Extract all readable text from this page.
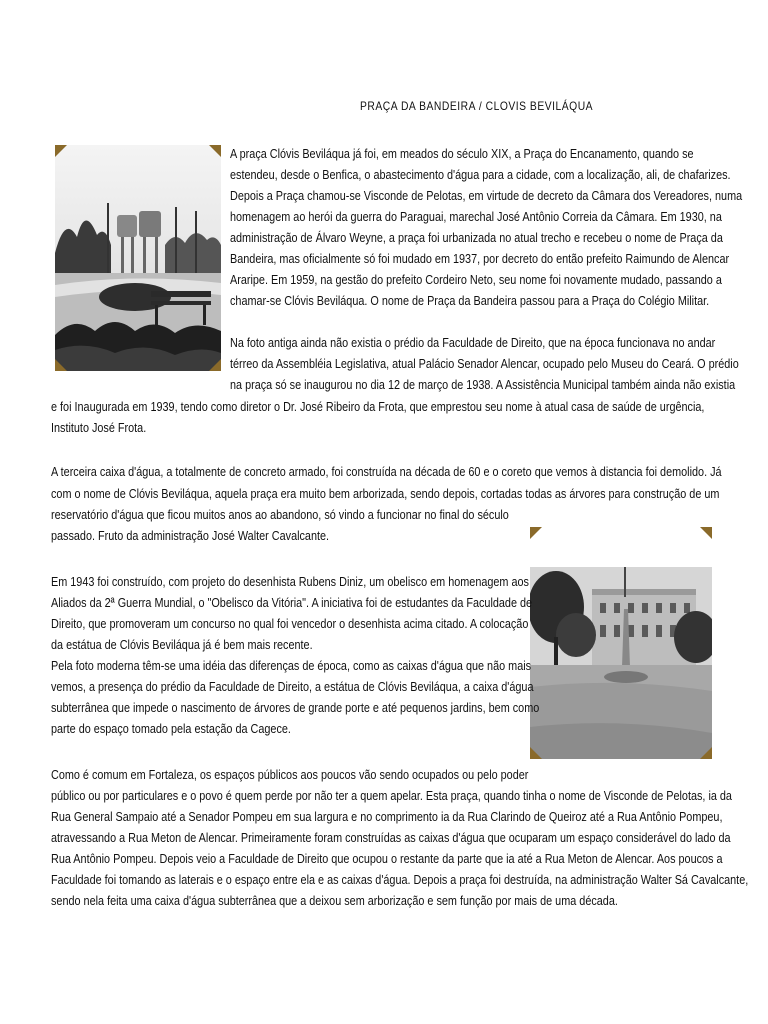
PRAÇA DA BANDEIRA / CLOVIS BEVILÁQUA
A praça Clóvis Beviláqua já foi, em meados do século XIX, a Praça do Encanamento, quando se
estendeu, desde o Benfica, o abastecimento d'água para a cidade, com a localização, ali, de chafarizes.
Depois a Praça chamou-se Visconde de Pelotas, em virtude de decreto da Câmara dos Vereadores, numa
homenagem ao herói da guerra do Paraguai, marechal José Antônio Correia da Câmara. Em 1930, na
administração de Álvaro Weyne, a praça foi urbanizada no atual trecho e recebeu o nome de Praça da
Bandeira, mas oficialmente só foi mudado em 1937, por decreto do então prefeito Raimundo de Alencar
Araripe. Em 1959, na gestão do prefeito Cordeiro Neto, seu nome foi novamente mudado, passando a
chamar-se Clóvis Beviláqua. O nome de Praça da Bandeira passou para a Praça do Colégio Militar.
Na foto antiga ainda não existia o prédio da Faculdade de Direito, que na época funcionava no andar
térreo da Assembléia Legislativa, atual Palácio Senador Alencar, ocupado pelo Museu do Ceará. O prédio
na praça só se inaugurou no dia 12 de março de 1938. A Assistência Municipal também ainda não existia
e foi Inaugurada em 1939, tendo como diretor o Dr. José Ribeiro da Frota, que emprestou seu nome à atual casa de saúde de urgência,
Instituto José Frota.
A terceira caixa d'água, a totalmente de concreto armado, foi construída na década de 60 e o coreto que vemos à distancia foi demolido. Já
com o nome de Clóvis Beviláqua, aquela praça era muito bem arborizada, sendo depois, cortadas todas as árvores para construção de um
reservatório d'água que ficou muitos anos ao abandono, só vindo a funcionar no final do século
passado. Fruto da administração José Walter Cavalcante.
Em 1943 foi construído, com projeto do desenhista Rubens Diniz, um obelisco em homenagem aos
Aliados da 2ª Guerra Mundial, o "Obelisco da Vitória". A iniciativa foi de estudantes da Faculdade de
Direito, que promoveram um concurso no qual foi vencedor o desenhista acima citado. A colocação
da estátua de Clóvis Beviláqua já é bem mais recente.
Pela foto moderna têm-se uma idéia das diferenças de época, como as caixas d'água que não mais
vemos, a presença do prédio da Faculdade de Direito, a estátua de Clóvis Beviláqua, a caixa d'água
subterrânea que impede o nascimento de árvores de grande porte e até pequenos jardins, bem como
parte do espaço tomado pela estação da Cagece.
Como é comum em Fortaleza, os espaços públicos aos poucos vão sendo ocupados ou pelo poder
público ou por particulares e o povo é quem perde por não ter a quem apelar. Esta praça, quando tinha o nome de Visconde de Pelotas, ia da
Rua General Sampaio até a Senador Pompeu em sua largura e no comprimento ia da Rua Clarindo de Queiroz até a Rua Antônio Pompeu,
atravessando a Rua Meton de Alencar. Primeiramente foram construídas as caixas d'água que ocuparam um espaço considerável do lado da
Rua Antônio Pompeu. Depois veio a Faculdade de Direito que ocupou o restante da parte que ia até a Rua Meton de Alencar. Aos poucos a
Faculdade foi tomando as laterais e o espaço entre ela e as caixas d'água. Depois a praça foi destruída, na administração Walter Sá Cavalcante,
sendo nela feita uma caixa d'água subterrânea que a deixou sem arborização e sem função por mais de uma década.
